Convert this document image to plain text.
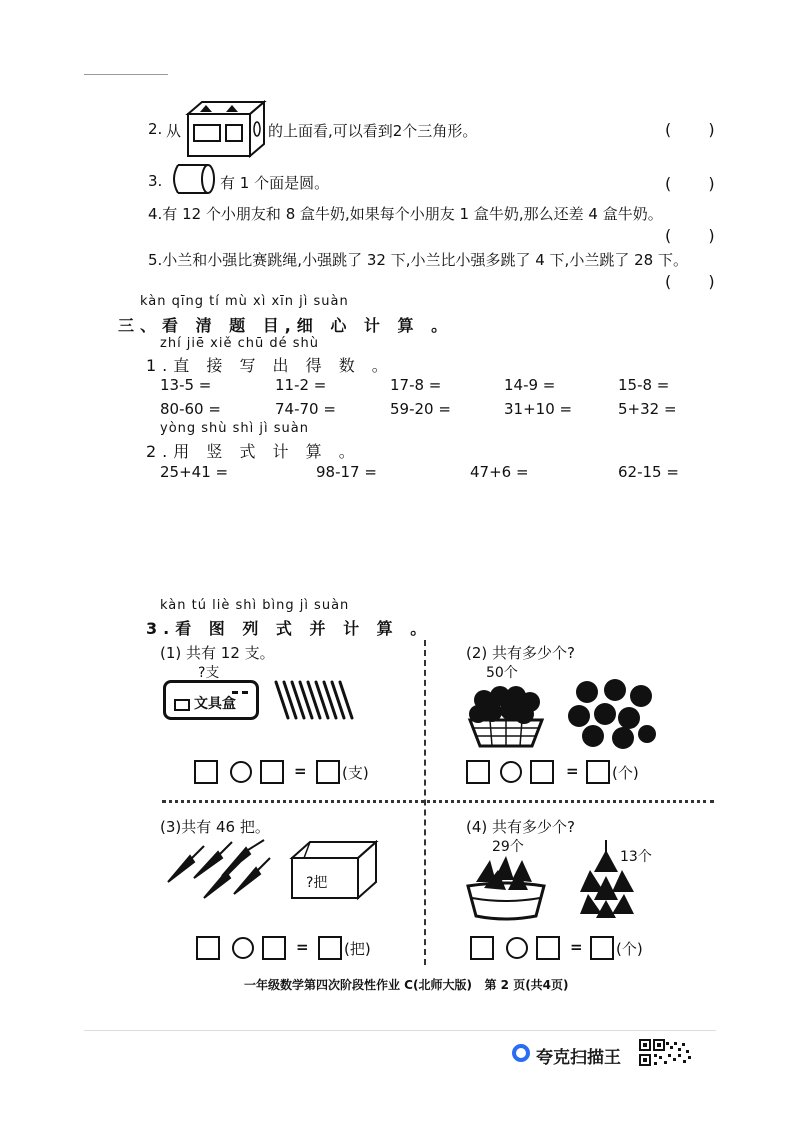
2. 从	的上面看,可以看到2个三角形。	( )
3.	有 1 个面是圆。	( )
4.有 12 个小朋友和 8 盒牛奶,如果每个小朋友 1 盒牛奶,那么还差 4 盒牛奶。
( )
5.小兰和小强比赛跳绳,小强跳了 32 下,小兰比小强多跳了 4 下,小兰跳了 28 下。
( )
kàn qīng tí mù xì xīn jì suàn
三、看 清 题 目,细 心 计 算 。
zhí jiē xiě chū dé shù
1.直 接 写 出 得 数 。
13-5 =	11-2 =	17-8 =	14-9 =	15-8 =
80-60 =	74-70 =	59-20 =	31+10 =	5+32 =
yòng shù shì jì suàn
2.用 竖 式 计 算 。
25+41 =	98-17 =	47+6 =	62-15 =
kàn tú liè shì bìng jì suàn
3.看 图 列 式 并 计 算 。
(1) 共有 12 支。
?支
文具盒
= (支)
(2) 共有多少个?
50个
= (个)
(3)共有 46 把。
?把
= (把)
(4) 共有多少个?
29个
13个
= (个)
一年级数学第四次阶段性作业 C(北师大版)   第 2 页(共4页)
夸克扫描王
